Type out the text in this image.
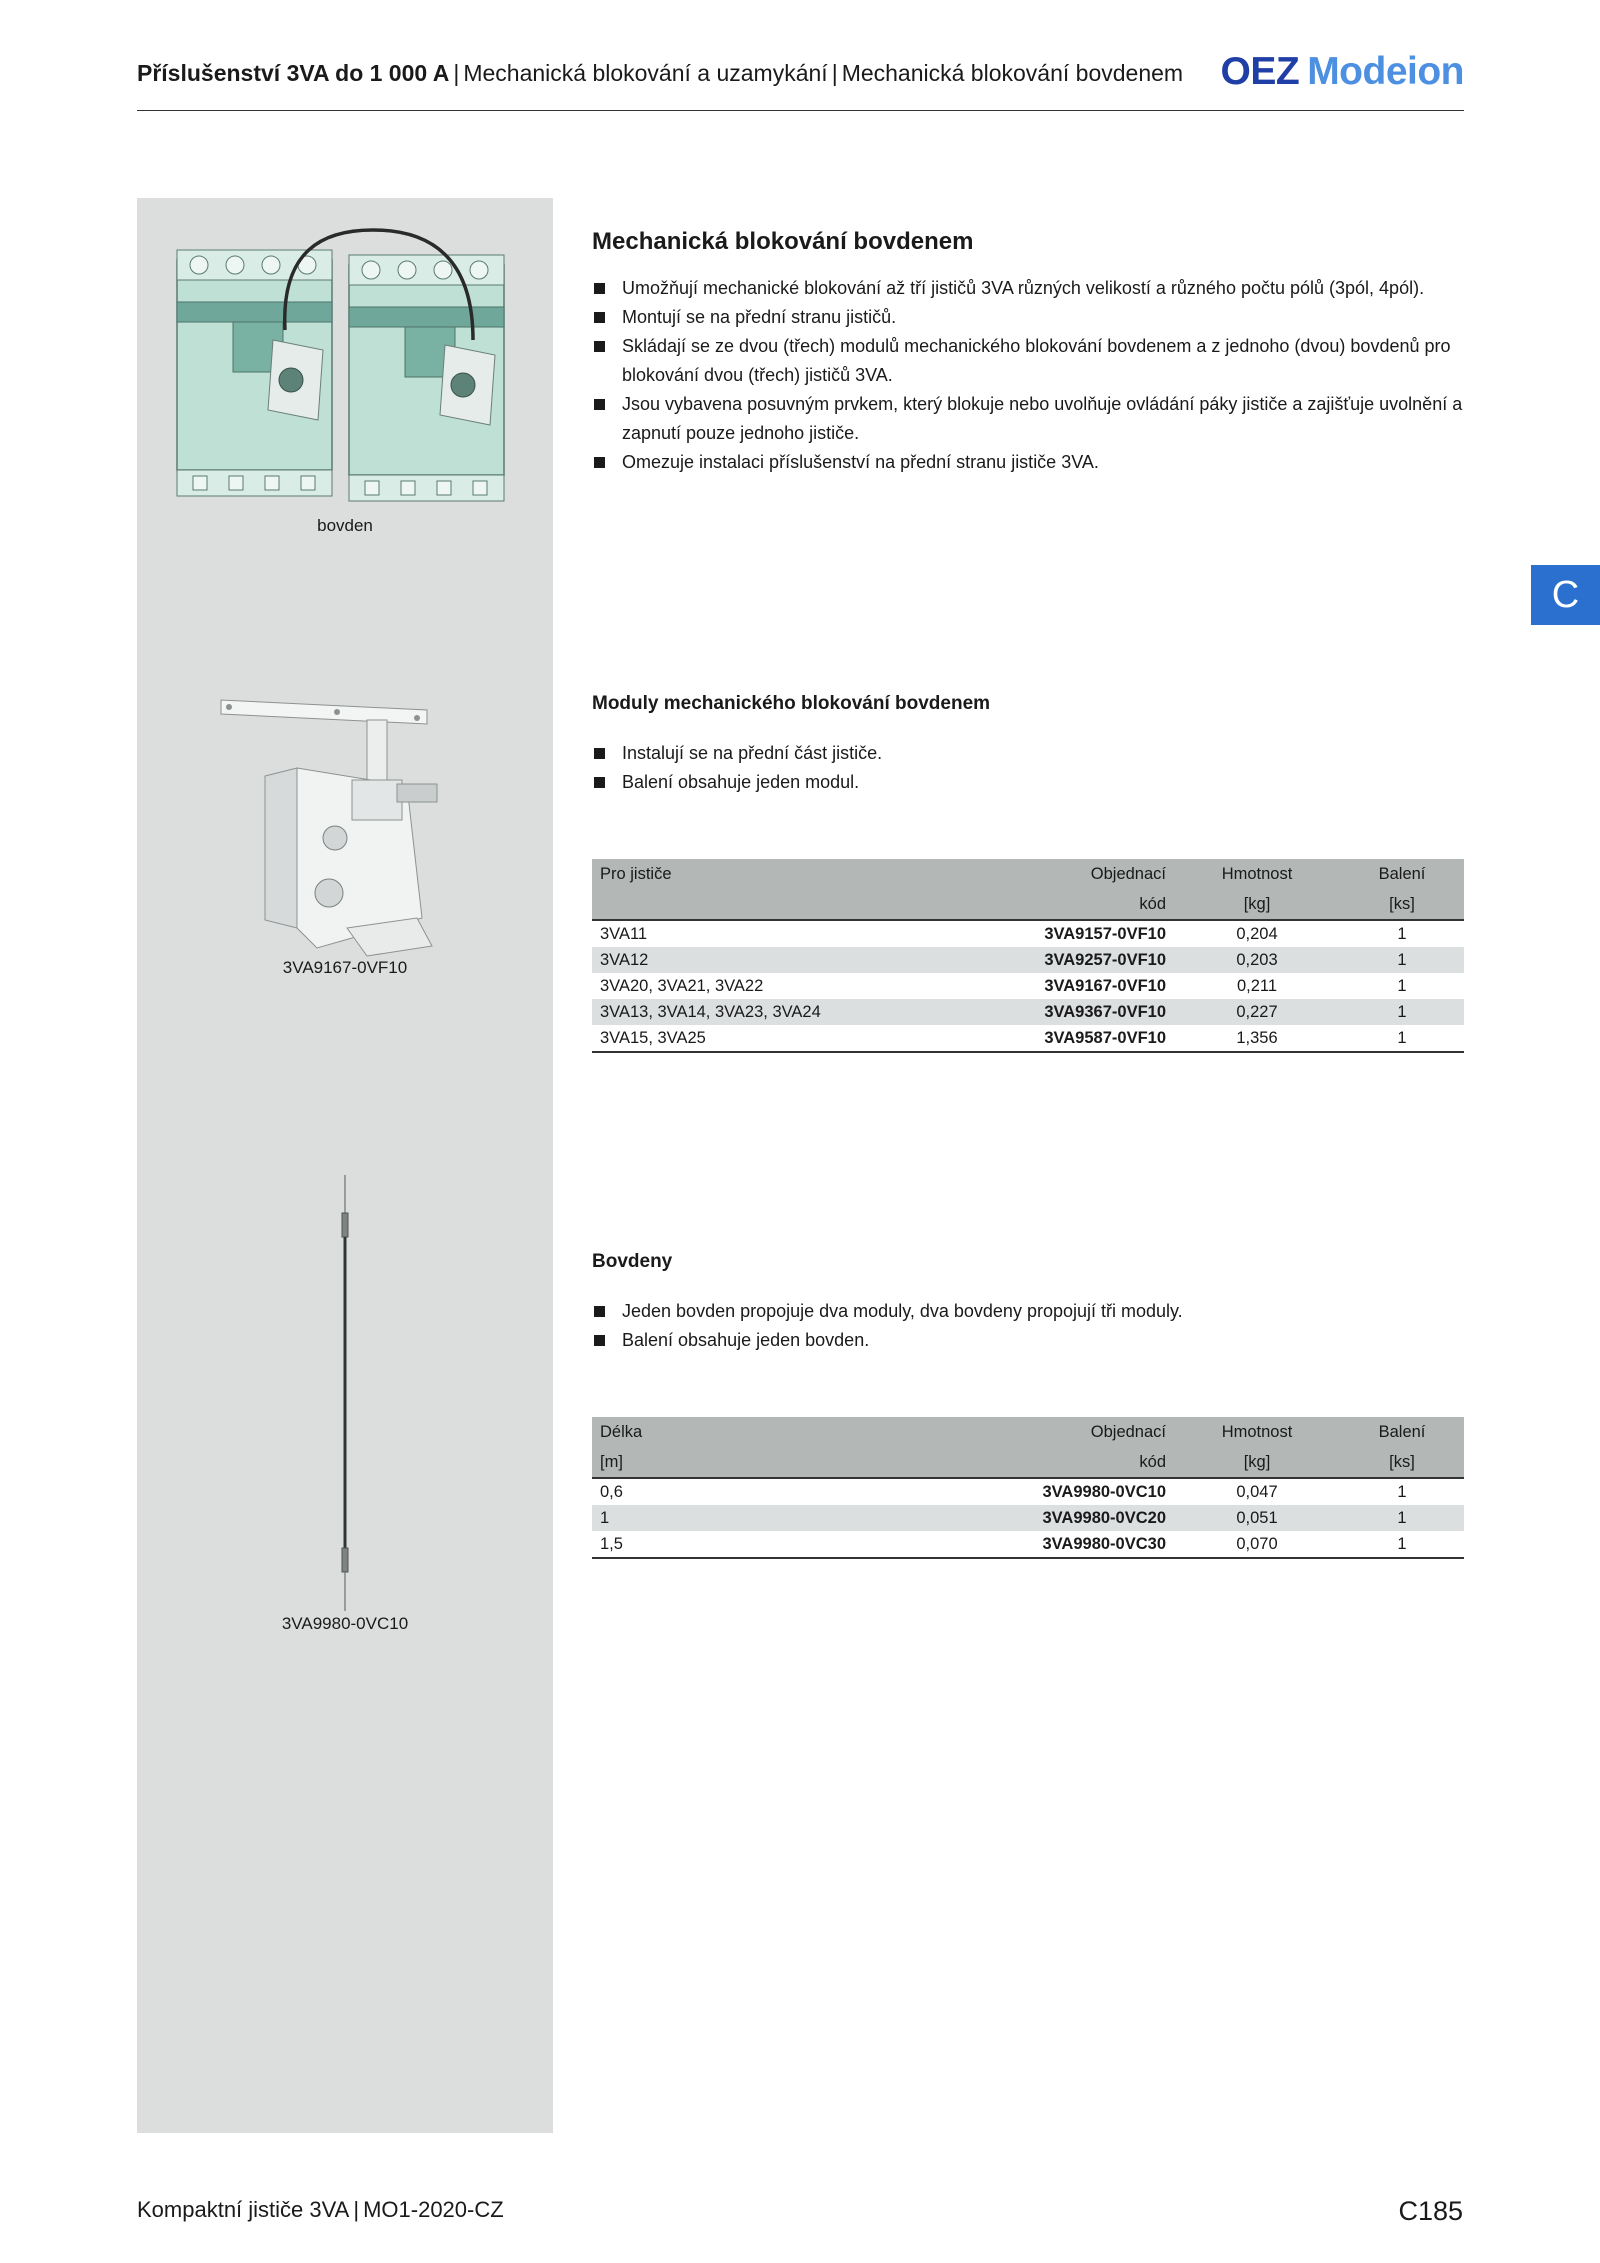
Příslušenství 3VA do 1 000 A | Mechanická blokování a uzamykání | Mechanická blokování bovdenem OEZ Modeion
C
bovden
3VA9167-0VF10
3VA9980-0VC10
Mechanická blokování bovdenem
Umožňují mechanické blokování až tří jističů 3VA různých velikostí a různého počtu pólů (3pól, 4pól).
Montují se na přední stranu jističů.
Skládají se ze dvou (třech) modulů mechanického blokování bovdenem a z jednoho (dvou) bovdenů pro blokování dvou (třech) jističů 3VA.
Jsou vybavena posuvným prvkem, který blokuje nebo uvolňuje ovládání páky jističe a zajišťuje uvolnění a zapnutí pouze jednoho jističe.
Omezuje instalaci příslušenství na přední stranu jističe 3VA.
Moduly mechanického blokování bovdenem
Instalují se na přední část jističe.
Balení obsahuje jeden modul.
Pro jističe	Objednací	Hmotnost	Balení
	kód	[kg]	[ks]
3VA11	3VA9157-0VF10	0,204	1
3VA12	3VA9257-0VF10	0,203	1
3VA20, 3VA21, 3VA22	3VA9167-0VF10	0,211	1
3VA13, 3VA14, 3VA23, 3VA24	3VA9367-0VF10	0,227	1
3VA15, 3VA25	3VA9587-0VF10	1,356	1
Bovdeny
Jeden bovden propojuje dva moduly, dva bovdeny propojují tři moduly.
Balení obsahuje jeden bovden.
Délka	Objednací	Hmotnost	Balení
[m]	kód	[kg]	[ks]
0,6	3VA9980-0VC10	0,047	1
1	3VA9980-0VC20	0,051	1
1,5	3VA9980-0VC30	0,070	1
Kompaktní jističe 3VA | MO1-2020-CZ	C185
